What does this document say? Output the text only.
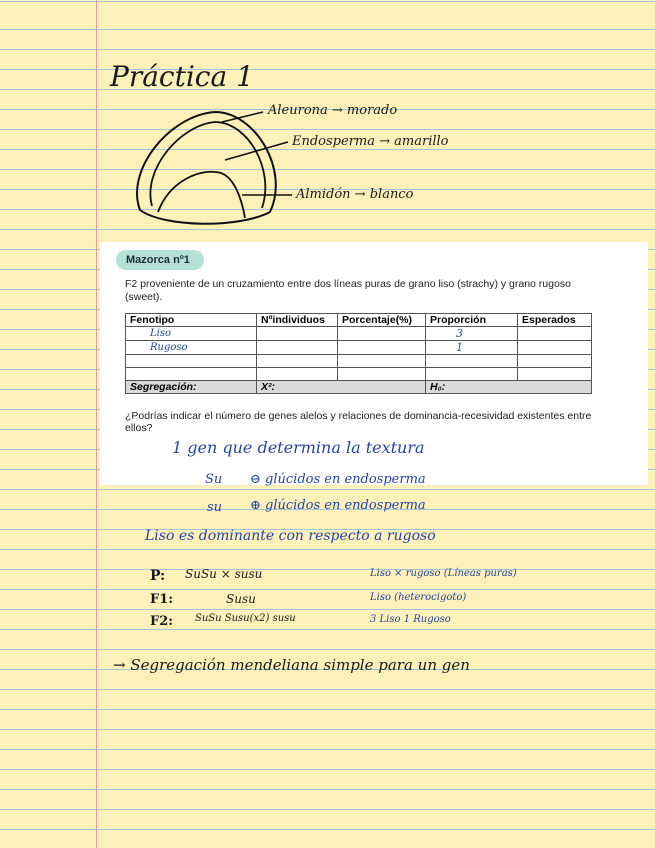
Práctica 1
Aleurona → morado
Endosperma → amarillo
Almidón → blanco
Mazorca nº1
F2 proveniente de un cruzamiento entre dos líneas puras de grano liso (strachy) y grano rugoso (sweet).
Fenotipo	Nºindividuos	Porcentaje(%)	Proporción	Esperados
Liso			3	
Rugoso			1	

Segregación:	X²:		H₀:	
¿Podrías indicar el número de genes alelos y relaciones de dominancia-recesividad existentes entre ellos?
1 gen que determina la textura
Su ⊖ glúcidos en endosperma
su ⊕ glúcidos en endosperma
Liso es dominante con respecto a rugoso
P: SuSu × susu	Liso × rugoso (Líneas puras)
F1:	Susu	Liso (heterocigoto)
F2: SuSu Susu(x2) susu	3 Liso 1 Rugoso
→ Segregación mendeliana simple para un gen
